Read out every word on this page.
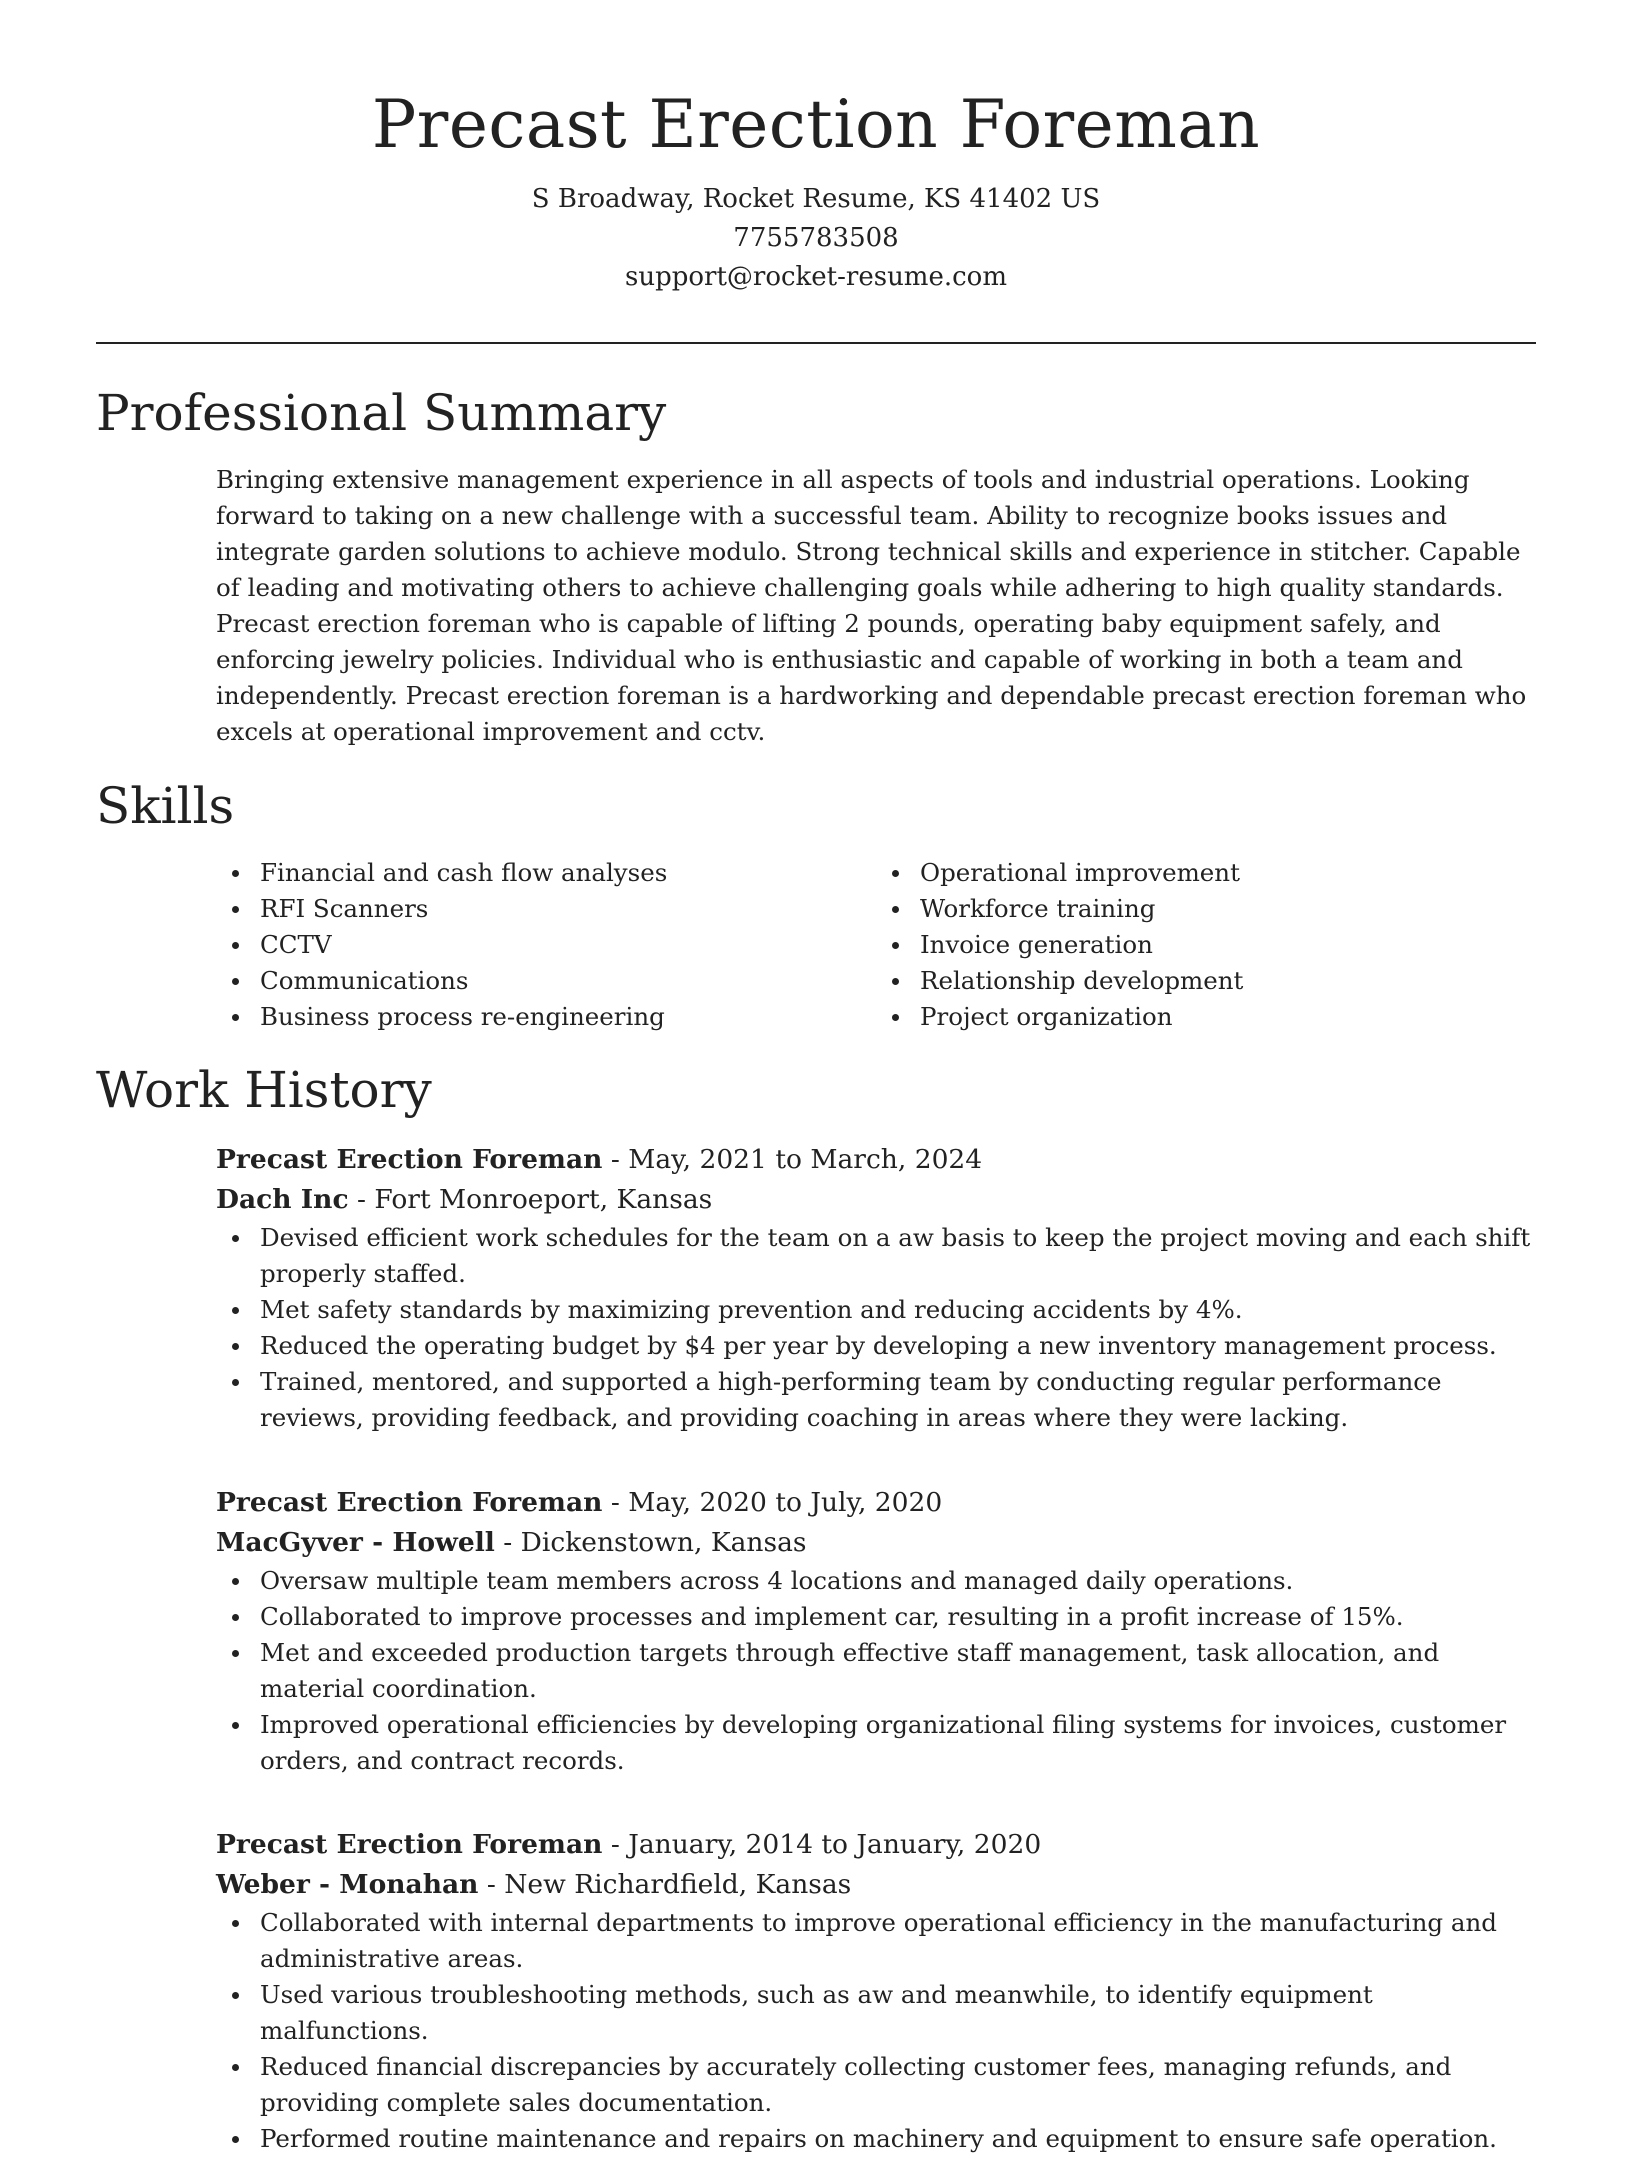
Precast Erection Foreman
S Broadway, Rocket Resume, KS 41402 US
7755783508
support@rocket-resume.com
Professional Summary

Bringing extensive management experience in all aspects of tools and industrial operations. Looking forward to taking on a new challenge with a successful team. Ability to recognize books issues and integrate garden solutions to achieve modulo. Strong technical skills and experience in stitcher. Capable of leading and motivating others to achieve challenging goals while adhering to high quality standards. Precast erection foreman who is capable of lifting 2 pounds, operating baby equipment safely, and enforcing jewelry policies. Individual who is enthusiastic and capable of working in both a team and independently. Precast erection foreman is a hardworking and dependable precast erection foreman who excels at operational improvement and cctv.

Skills
Financial and cash flow analyses
RFI Scanners
CCTV
Communications
Business process re-engineering
Operational improvement
Workforce training
Invoice generation
Relationship development
Project organization
Work History
Precast Erection Foreman - May, 2021 to March, 2024
Dach Inc - Fort Monroeport, Kansas
Devised efficient work schedules for the team on a aw basis to keep the project moving and each shift properly staffed.
Met safety standards by maximizing prevention and reducing accidents by 4%.
Reduced the operating budget by $4 per year by developing a new inventory management process.
Trained, mentored, and supported a high-performing team by conducting regular performance reviews, providing feedback, and providing coaching in areas where they were lacking.
Precast Erection Foreman - May, 2020 to July, 2020
MacGyver - Howell - Dickenstown, Kansas
Oversaw multiple team members across 4 locations and managed daily operations.
Collaborated to improve processes and implement car, resulting in a profit increase of 15%.
Met and exceeded production targets through effective staff management, task allocation, and material coordination.
Improved operational efficiencies by developing organizational filing systems for invoices, customer orders, and contract records.
Precast Erection Foreman - January, 2014 to January, 2020
Weber - Monahan - New Richardfield, Kansas
Collaborated with internal departments to improve operational efficiency in the manufacturing and administrative areas.
Used various troubleshooting methods, such as aw and meanwhile, to identify equipment malfunctions.
Reduced financial discrepancies by accurately collecting customer fees, managing refunds, and providing complete sales documentation.
Performed routine maintenance and repairs on machinery and equipment to ensure safe operation.
